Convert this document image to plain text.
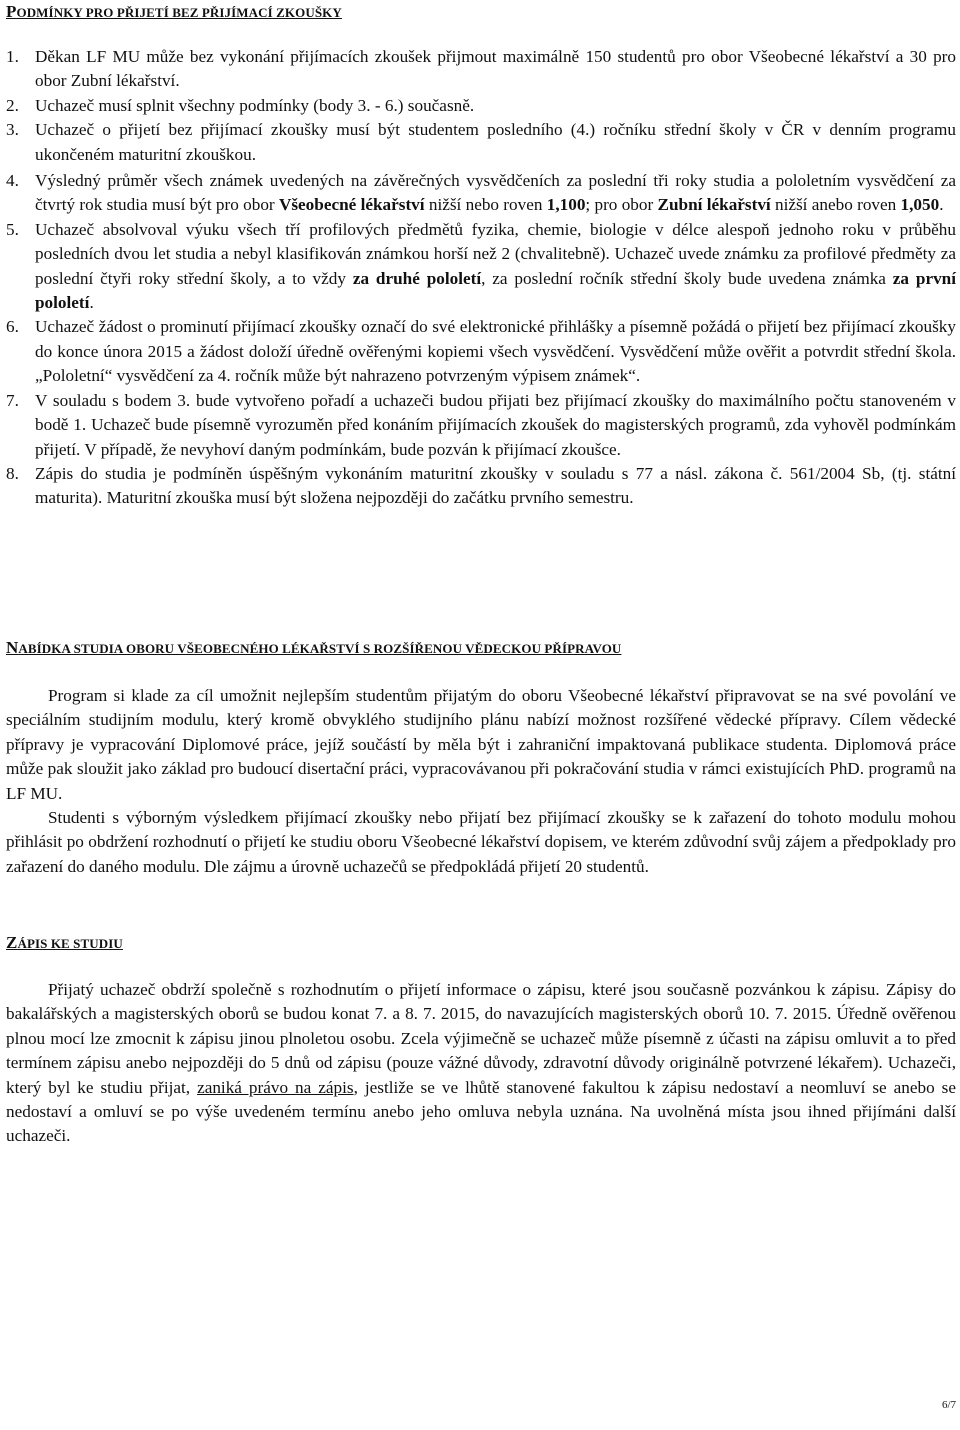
PODMÍNKY PRO PŘIJETÍ BEZ PŘIJÍMACÍ ZKOUŠKY
1. Děkan LF MU může bez vykonání přijímacích zkoušek přijmout maximálně 150 studentů pro obor Všeobecné lékařství a 30 pro obor Zubní lékařství.
2. Uchazeč musí splnit všechny podmínky (body 3. - 6.) současně.
3. Uchazeč o přijetí bez přijímací zkoušky musí být studentem posledního (4.) ročníku střední školy v ČR v denním programu ukončeném maturitní zkouškou.
4. Výsledný průměr všech známek uvedených na závěrečných vysvědčeních za poslední tři roky studia a pololetním vysvědčení za čtvrtý rok studia musí být pro obor Všeobecné lékařství nižší nebo roven 1,100; pro obor Zubní lékařství nižší anebo roven 1,050.
5. Uchazeč absolvoval výuku všech tří profilových předmětů fyzika, chemie, biologie v délce alespoň jednoho roku v průběhu posledních dvou let studia a nebyl klasifikován známkou horší než 2 (chvalitebně). Uchazeč uvede známku za profilové předměty za poslední čtyři roky střední školy, a to vždy za druhé pololetí, za poslední ročník střední školy bude uvedena známka za první pololetí.
6. Uchazeč žádost o prominutí přijímací zkoušky označí do své elektronické přihlášky a písemně požádá o přijetí bez přijímací zkoušky do konce února 2015 a žádost doloží úředně ověřenými kopiemi všech vysvědčení. Vysvědčení může ověřit a potvrdit střední škola. „Pololetní“ vysvědčení za 4. ročník může být nahrazeno potvrzeným výpisem známek“.
7. V souladu s bodem 3. bude vytvořeno pořadí a uchazeči budou přijati bez přijímací zkoušky do maximálního počtu stanoveném v bodě 1. Uchazeč bude písemně vyrozuměn před konáním přijímacích zkoušek do magisterských programů, zda vyhověl podmínkám přijetí. V případě, že nevyhoví daným podmínkám, bude pozván k přijímací zkoušce.
8. Zápis do studia je podmíněn úspěšným vykonáním maturitní zkoušky v souladu s 77 a násl. zákona č. 561/2004 Sb, (tj. státní maturita). Maturitní zkouška musí být složena nejpozději do začátku prvního semestru.
NABÍDKA STUDIA OBORU VŠEOBECNÉHO LÉKAŘSTVÍ S ROZŠÍŘENOU VĚDECKOU PŘÍPRAVOU
Program si klade za cíl umožnit nejlepším studentům přijatým do oboru Všeobecné lékařství připravovat se na své povolání ve speciálním studijním modulu, který kromě obvyklého studijního plánu nabízí možnost rozšířené vědecké přípravy. Cílem vědecké přípravy je vypracování Diplomové práce, jejíž součástí by měla být i zahraniční impaktovaná publikace studenta. Diplomová práce může pak sloužit jako základ pro budoucí disertační práci, vypracovávanou při pokračování studia v rámci existujících PhD. programů na LF MU.
Studenti s výborným výsledkem přijímací zkoušky nebo přijatí bez přijímací zkoušky se k zařazení do tohoto modulu mohou přihlásit po obdržení rozhodnutí o přijetí ke studiu oboru Všeobecné lékařství dopisem, ve kterém zdůvodní svůj zájem a předpoklady pro zařazení do daného modulu. Dle zájmu a úrovně uchazečů se předpokládá přijetí 20 studentů.
ZÁPIS KE STUDIU
Přijatý uchazeč obdrží společně s rozhodnutím o přijetí informace o zápisu, které jsou současně pozvánkou k zápisu. Zápisy do bakalářských a magisterských oborů se budou konat 7. a 8. 7. 2015, do navazujících magisterských oborů 10. 7. 2015. Úředně ověřenou plnou mocí lze zmocnit k zápisu jinou plnoletou osobu. Zcela výjimečně se uchazeč může písemně z účasti na zápisu omluvit a to před termínem zápisu anebo nejpozději do 5 dnů od zápisu (pouze vážné důvody, zdravotní důvody originálně potvrzené lékařem). Uchazeči, který byl ke studiu přijat, zaniká právo na zápis, jestliže se ve lhůtě stanovené fakultou k zápisu nedostaví a neomluví se anebo se nedostaví a omluví se po výše uvedeném termínu anebo jeho omluva nebyla uznána. Na uvolněná místa jsou ihned přijímáni další uchazeči.
6/7
